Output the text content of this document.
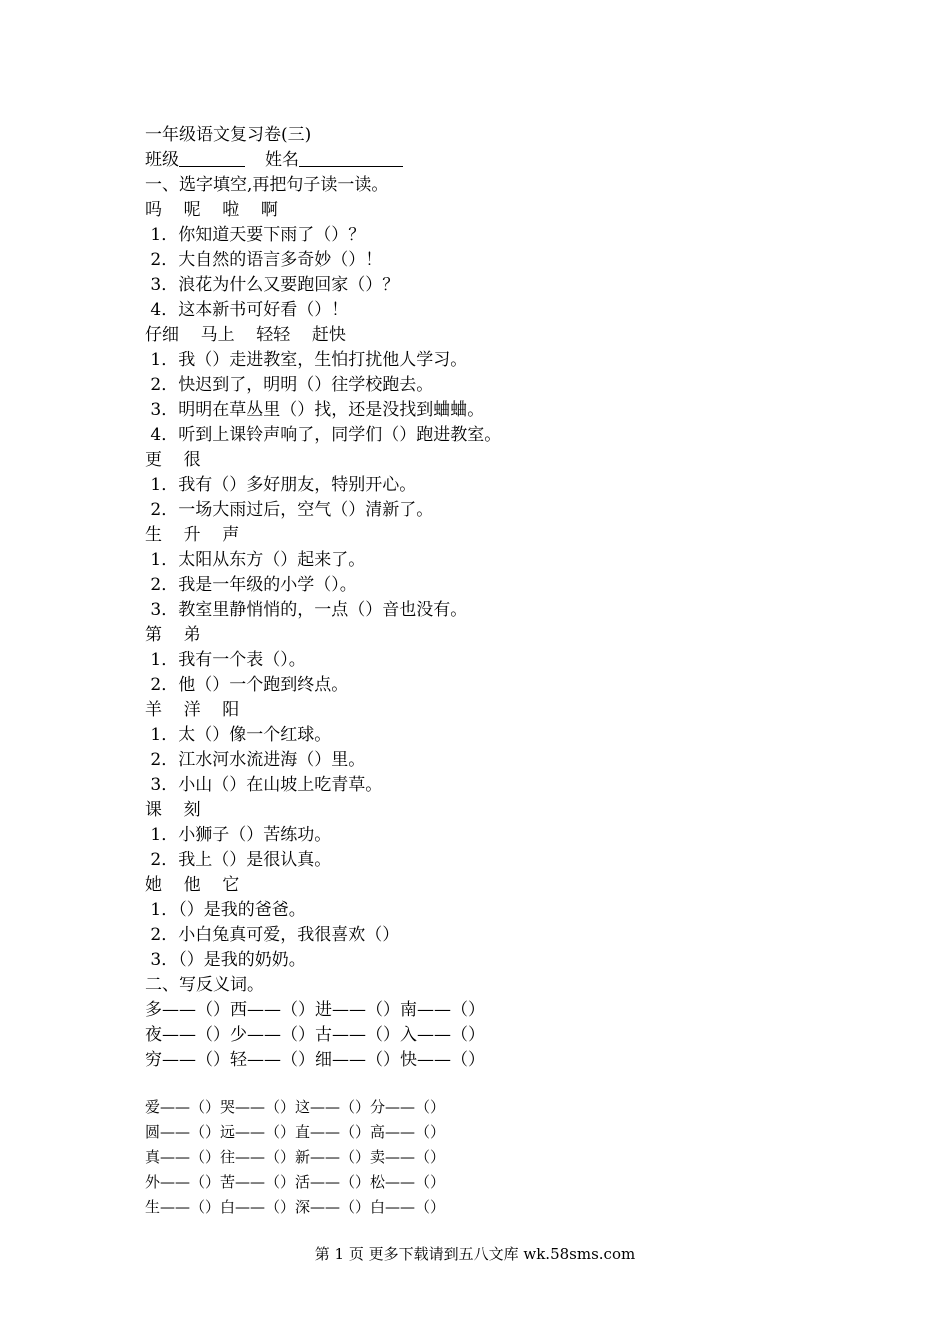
一年级语文复习卷(三)
班级	姓名
一、选字填空,再把句子读一读。
吗    呢    啦    啊
1．你知道天要下雨了（）？
2．大自然的语言多奇妙（）！
3．浪花为什么又要跑回家（）？
4．这本新书可好看（）！
仔细    马上    轻轻    赶快
1．我（）走进教室，生怕打扰他人学习。
2．快迟到了，明明（）往学校跑去。
3．明明在草丛里（）找，还是没找到蛐蛐。
4．听到上课铃声响了，同学们（）跑进教室。
更    很
1．我有（）多好朋友，特别开心。
2．一场大雨过后，空气（）清新了。
生    升    声
1．太阳从东方（）起来了。
2．我是一年级的小学（）。
3．教室里静悄悄的，一点（）音也没有。
第    弟
1．我有一个表（）。
2．他（）一个跑到终点。
羊    洋    阳
1．太（）像一个红球。
2．江水河水流进海（）里。
3．小山（）在山坡上吃青草。
课    刻
1．小狮子（）苦练功。
2．我上（）是很认真。
她    他    它
1．（）是我的爸爸。
2．小白兔真可爱，我很喜欢（）
3．（）是我的奶奶。
二、写反义词。
多——（）西——（）进——（）南——（）
夜——（）少——（）古——（）入——（）
穷——（）轻——（）细——（）快——（）
爱——（）哭——（）这——（）分——（）
圆——（）远——（）直——（）高——（）
真——（）往——（）新——（）卖——（）
外——（）苦——（）活——（）松——（）
生——（）白——（）深——（）白——（）
第 1 页 更多下载请到五八文库 wk.58sms.com
